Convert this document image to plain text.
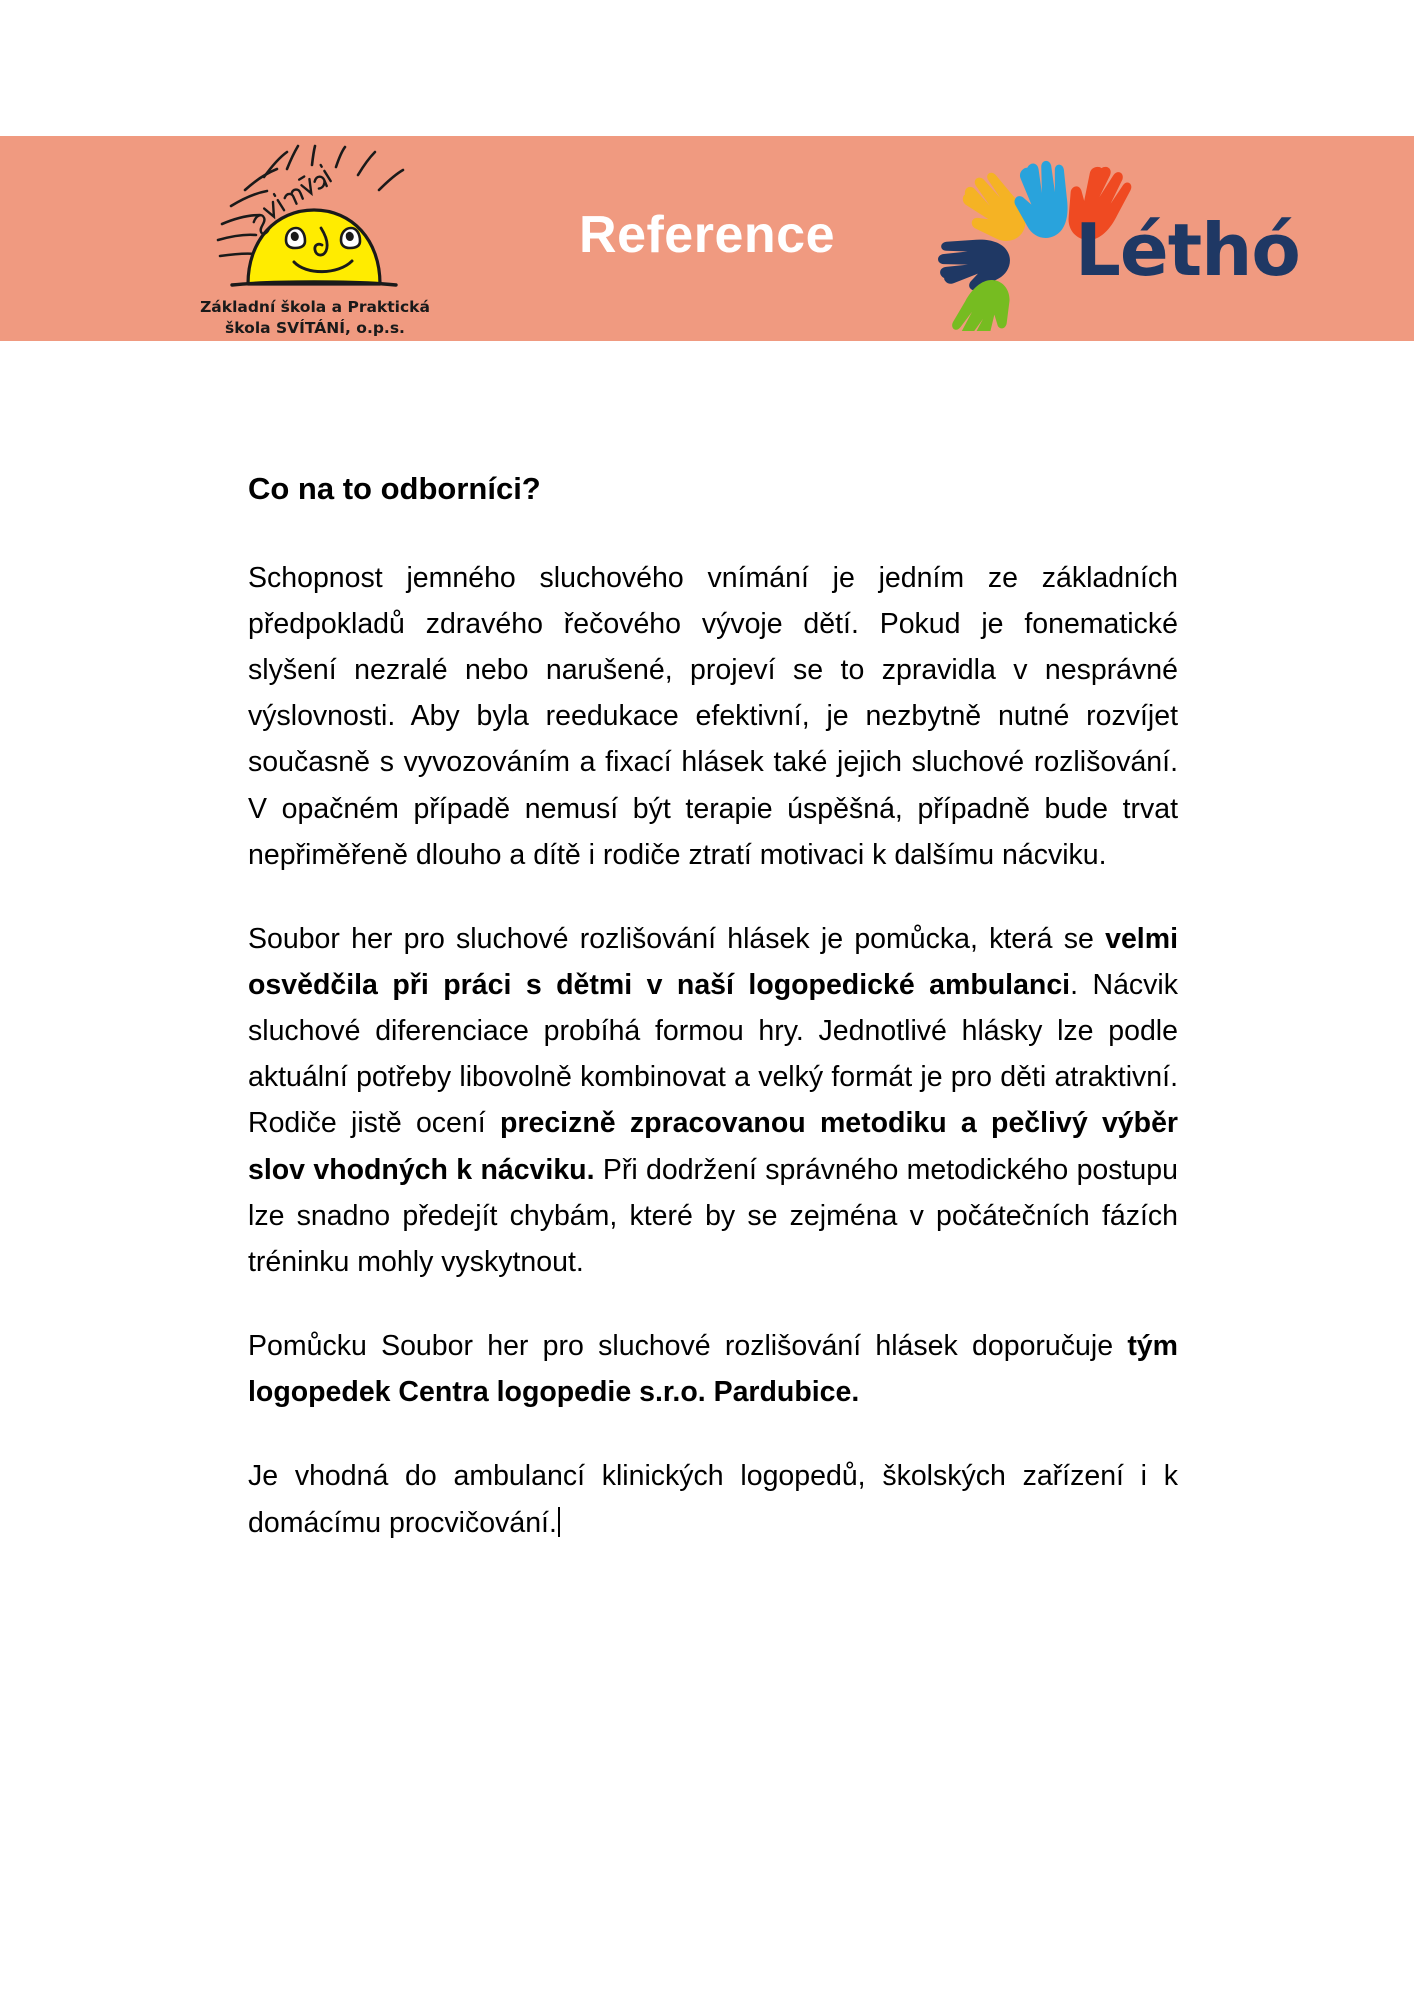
Základní škola a Praktická
škola SVÍTÁNÍ, o.p.s.
Reference	Léthó
Co na to odborníci?

Schopnost jemného sluchového vnímání je jedním ze základních předpokladů zdravého řečového vývoje dětí. Pokud je fonematické slyšení nezralé nebo narušené, projeví se to zpravidla v nesprávné výslovnosti. Aby byla reedukace efektivní, je nezbytně nutné rozvíjet současně s vyvozováním a fixací hlásek také jejich sluchové rozlišování. V opačném případě nemusí být terapie úspěšná, případně bude trvat nepřiměřeně dlouho a dítě i rodiče ztratí motivaci k dalšímu nácviku.

Soubor her pro sluchové rozlišování hlásek je pomůcka, která se velmi osvědčila při práci s dětmi v naší logopedické ambulanci. Nácvik sluchové diferenciace probíhá formou hry. Jednotlivé hlásky lze podle aktuální potřeby libovolně kombinovat a velký formát je pro děti atraktivní. Rodiče jistě ocení precizně zpracovanou metodiku a pečlivý výběr slov vhodných k nácviku. Při dodržení správného metodického postupu lze snadno předejít chybám, které by se zejména v počátečních fázích tréninku mohly vyskytnout.

Pomůcku Soubor her pro sluchové rozlišování hlásek doporučuje tým logopedek Centra logopedie s.r.o. Pardubice.

Je vhodná do ambulancí klinických logopedů, školských zařízení i k domácímu procvičování.
